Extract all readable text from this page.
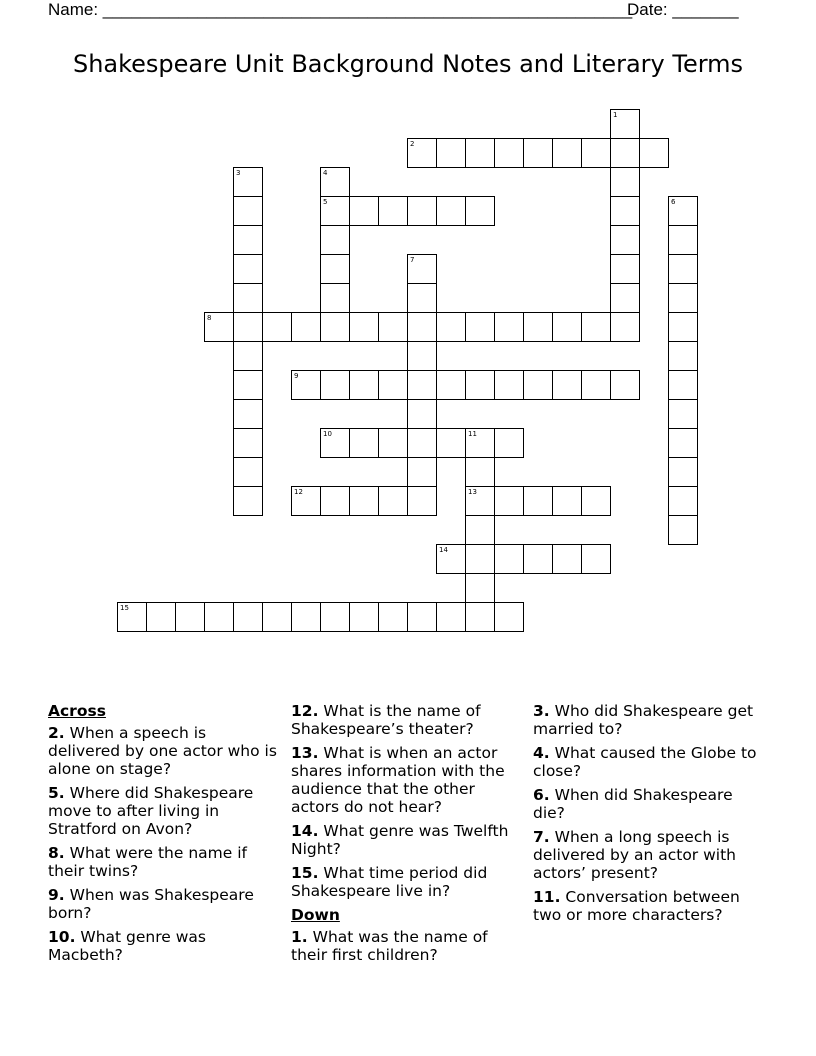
Name: ________________________________________________________
Date: _______
Shakespeare Unit Background Notes and Literary Terms
1
2
3	4
5	6
7
8
9
10	11
13
12
14
15
Across
2. When a speech is delivered by one actor who is alone on stage?
5. Where did Shakespeare move to after living in Stratford on Avon?
8. What were the name if their twins?
9. When was Shakespeare born?
10. What genre was Macbeth?
12. What is the name of Shakespeare’s theater?
13. What is when an actor shares information with the audience that the other actors do not hear?
14. What genre was Twelfth Night?
15. What time period did Shakespeare live in?
Down
1. What was the name of their first children?
3. Who did Shakespeare get married to?
4. What caused the Globe to close?
6. When did Shakespeare die?
7. When a long speech is delivered by an actor with actors’ present?
11. Conversation between two or more characters?
